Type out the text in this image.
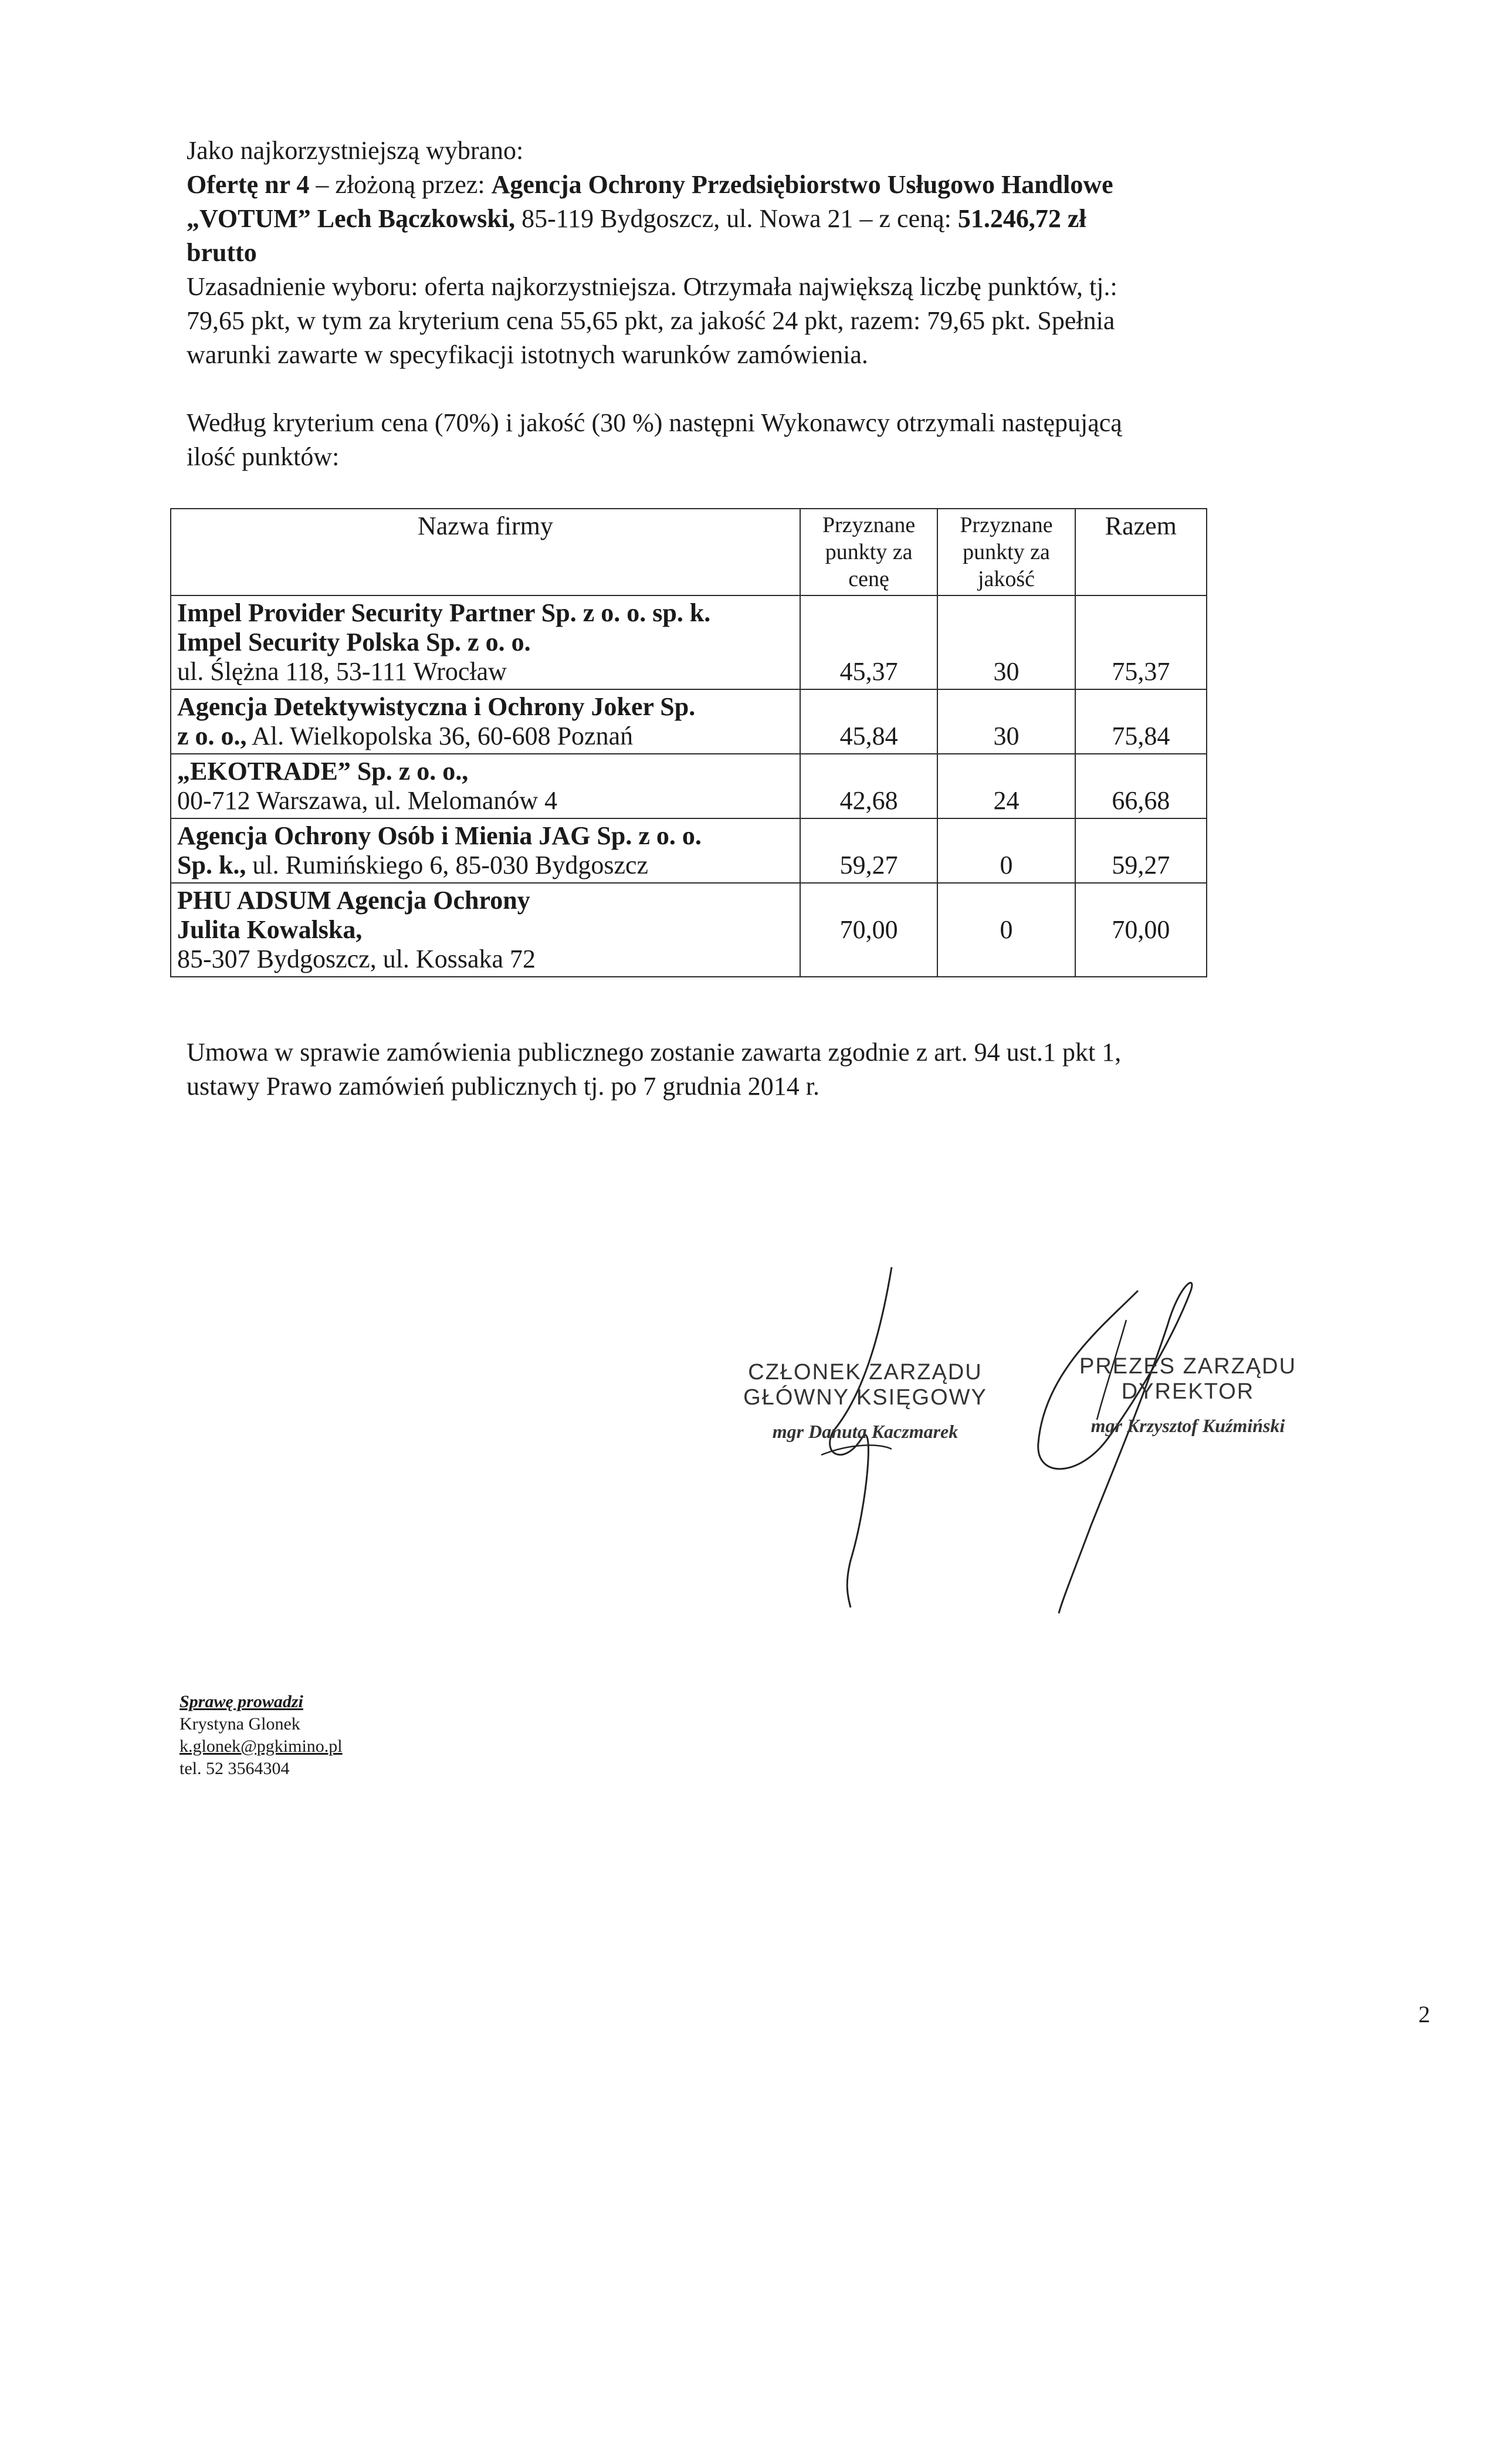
Jako najkorzystniejszą wybrano:

Ofertę nr 4 – złożoną przez: Agencja Ochrony Przedsiębiorstwo Usługowo Handlowe

„VOTUM” Lech Bączkowski, 85-119 Bydgoszcz, ul. Nowa 21 – z ceną: 51.246,72 zł

brutto

Uzasadnienie wyboru: oferta najkorzystniejsza. Otrzymała największą liczbę punktów, tj.:

79,65 pkt, w tym za kryterium cena 55,65 pkt, za jakość 24 pkt, razem: 79,65 pkt. Spełnia

warunki zawarte w specyfikacji istotnych warunków zamówienia.

Według kryterium cena (70%) i jakość (30 %) następni Wykonawcy otrzymali następującą

ilość punktów:

Nazwa firmy	Przyznane punkty za cenę	Przyznane punkty za jakość	Razem

Impel Provider Security Partner Sp. z o. o. sp. k.
Impel Security Polska Sp. z o. o.
ul. Ślężna 118, 53-111 Wrocław	45,37	30	75,37

Agencja Detektywistyczna i Ochrony Joker Sp.
z o. o., Al. Wielkopolska 36, 60-608 Poznań	45,84	30	75,84

„EKOTRADE” Sp. z o. o.,
00-712 Warszawa, ul. Melomanów 4	42,68	24	66,68

Agencja Ochrony Osób i Mienia JAG Sp. z o. o.
Sp. k., ul. Rumińskiego 6, 85-030 Bydgoszcz	59,27	0	59,27

PHU ADSUM Agencja Ochrony
Julita Kowalska,
85-307 Bydgoszcz, ul. Kossaka 72	70,00	0	70,00

Umowa w sprawie zamówienia publicznego zostanie zawarta zgodnie z art. 94 ust.1 pkt 1,

ustawy Prawo zamówień publicznych tj. po 7 grudnia 2014 r.

CZŁONEK ZARZĄDU
GŁÓWNY KSIĘGOWY
mgr Danuta Kaczmarek
PREZES ZARZĄDU
DYREKTOR
mgr Krzysztof Kuźmiński
Sprawę prowadzi
Krystyna Glonek
k.glonek@pgkimino.pl
tel. 52 3564304
2
